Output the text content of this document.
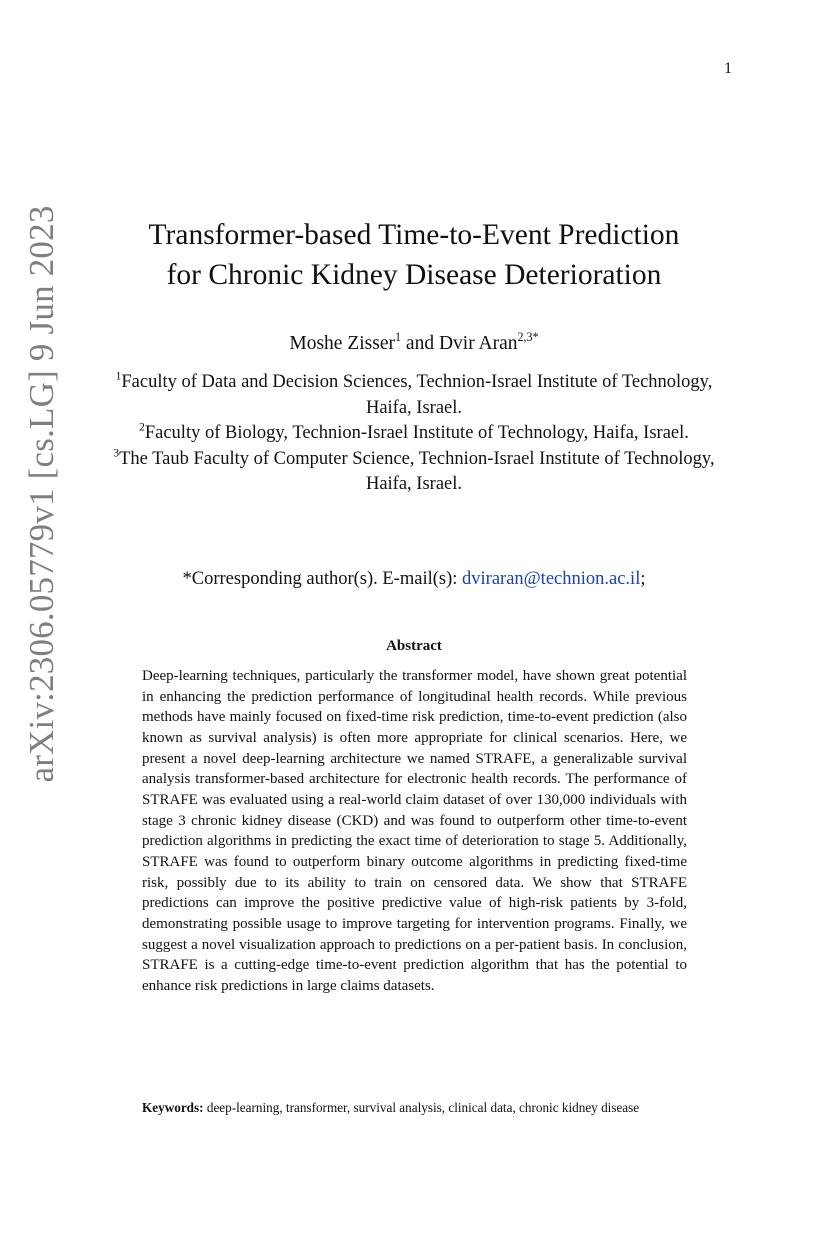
1
arXiv:2306.05779v1 [cs.LG] 9 Jun 2023	Transformer-based Time-to-Event Prediction
for Chronic Kidney Disease Deterioration
Moshe Zisser$^1$ and Dvir Aran$^{2,3*}$

$^1$Faculty of Data and Decision Sciences, Technion-Israel Institute of Technology, Haifa, Israel.

$^2$Faculty of Biology, Technion-Israel Institute of Technology, Haifa, Israel.

$^3$The Taub Faculty of Computer Science, Technion-Israel Institute of Technology, Haifa, Israel.

*Corresponding author(s). E-mail(s): dviraran@technion.ac.il;
Abstract

Deep-learning techniques, particularly the transformer model, have shown great potential in enhancing the prediction performance of longitudinal health records. While previous methods have mainly focused on fixed-time risk prediction, time-to-event prediction (also known as survival analysis) is often more appropriate for clinical scenarios. Here, we present a novel deep-learning architecture we named STRAFE, a generalizable survival analysis transformer-based architecture for electronic health records. The performance of STRAFE was evaluated using a real-world claim dataset of over 130,000 individuals with stage 3 chronic kidney disease (CKD) and was found to outperform other time-to-event prediction algorithms in predicting the exact time of deterioration to stage 5. Additionally, STRAFE was found to outperform binary outcome algorithms in predicting fixed-time risk, possibly due to its ability to train on censored data. We show that STRAFE predictions can improve the positive predictive value of high-risk patients by 3-fold, demonstrating possible usage to improve targeting for intervention programs. Finally, we suggest a novel visualization approach to predictions on a per-patient basis. In conclusion, STRAFE is a cutting-edge time-to-event prediction algorithm that has the potential to enhance risk predictions in large claims datasets.

Keywords: deep-learning, transformer, survival analysis, clinical data, chronic kidney disease
